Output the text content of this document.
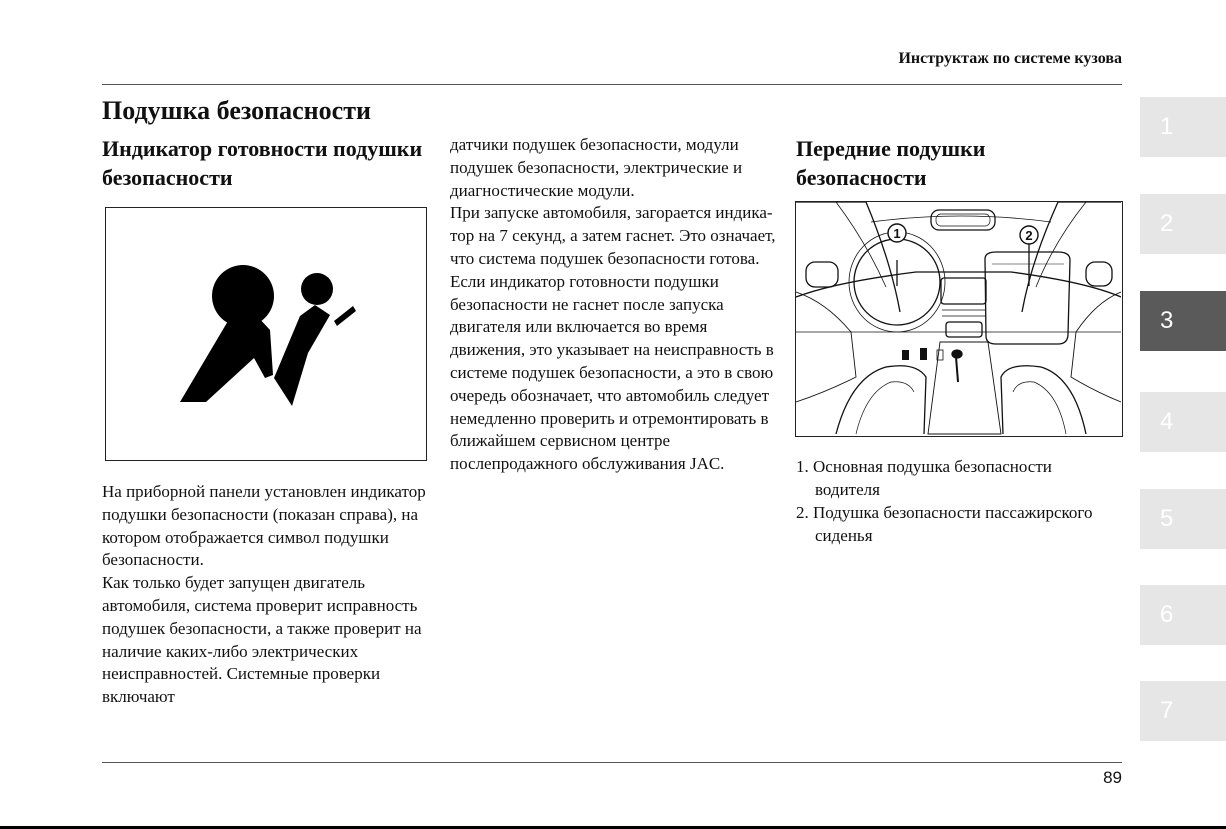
Инструктаж по системе кузова
Подушка безопасности
Индикатор готовности подушки безопасности

На приборной панели установлен индикатор подушки безопасности (показан справа), на котором отображается символ подушки безопасности.

Как только будет запущен двигатель автомобиля, система проверит исправность подушек безопасности, а также проверит на наличие каких-либо электрических неисправностей. Системные проверки включают

датчики подушек безопасности, модули подушек безопасности, электрические и диагностические модули.

При запуске автомобиля, загорается индика-тор на 7 секунд, а затем гаснет. Это означает, что система подушек безопасности готова. Если индикатор готовности подушки безопасности не гаснет после запуска двигателя или включается во время движения, это указывает на неисправность в системе подушек безопасности, а это в свою очередь обозначает, что автомобиль следует немедленно проверить и отремонтировать в ближайшем сервисном центре послепродажного обслуживания JAC.

Передние подушки безопасности
1	2

1. Основная подушка безопасности водителя

2. Подушка безопасности пассажирского сиденья

1
2
3
4
5
6
7
89
